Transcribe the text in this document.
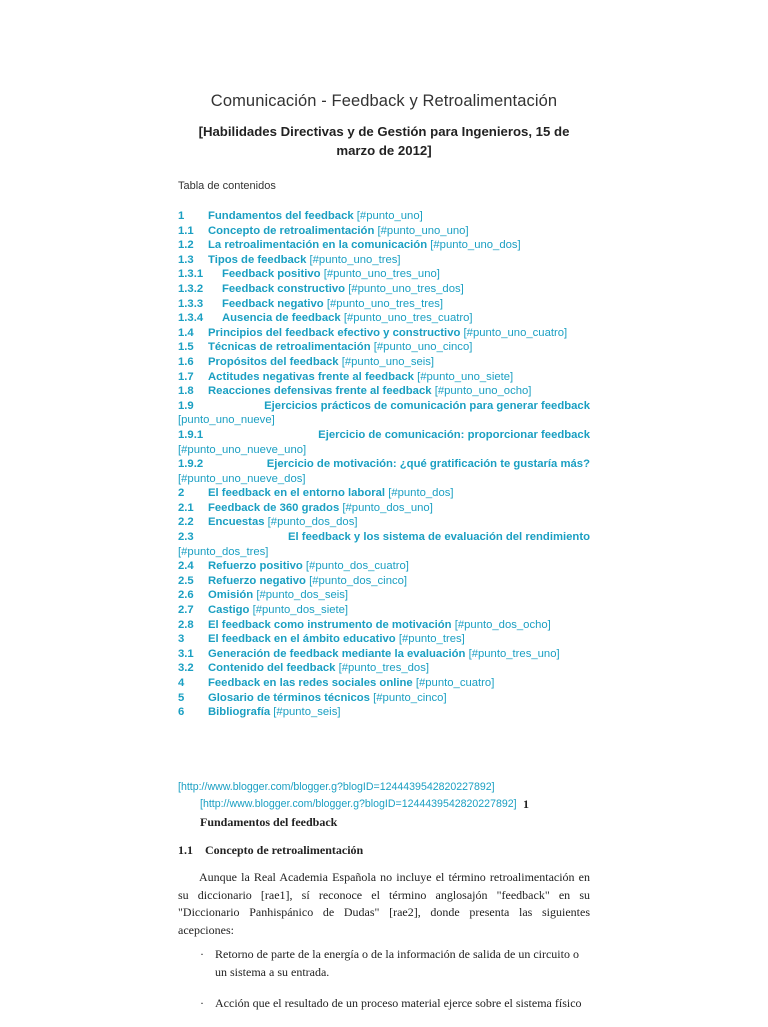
Comunicación - Feedback y Retroalimentación
[Habilidades Directivas y de Gestión para Ingenieros, 15 de marzo de 2012]
Tabla de contenidos
1 Fundamentos del feedback [#punto_uno]
1.1 Concepto de retroalimentación [#punto_uno_uno]
1.2 La retroalimentación en la comunicación [#punto_uno_dos]
1.3 Tipos de feedback [#punto_uno_tres]
1.3.1 Feedback positivo [#punto_uno_tres_uno]
1.3.2 Feedback constructivo [#punto_uno_tres_dos]
1.3.3 Feedback negativo [#punto_uno_tres_tres]
1.3.4 Ausencia de feedback [#punto_uno_tres_cuatro]
1.4 Principios del feedback efectivo y constructivo [#punto_uno_cuatro]
1.5 Técnicas de retroalimentación [#punto_uno_cinco]
1.6 Propósitos del feedback [#punto_uno_seis]
1.7 Actitudes negativas frente al feedback [#punto_uno_siete]
1.8 Reacciones defensivas frente al feedback [#punto_uno_ocho]
1.9	Ejercicios prácticos de comunicación para generar feedback
[punto_uno_nueve]
1.9.1	Ejercicio de comunicación: proporcionar feedback
[#punto_uno_nueve_uno]
1.9.2	Ejercicio de motivación: ¿qué gratificación te gustaría más?
[#punto_uno_nueve_dos]
2 El feedback en el entorno laboral [#punto_dos]
2.1 Feedback de 360 grados [#punto_dos_uno]
2.2 Encuestas [#punto_dos_dos]
2.3	El feedback y los sistema de evaluación del rendimiento
[#punto_dos_tres]
2.4 Refuerzo positivo [#punto_dos_cuatro]
2.5 Refuerzo negativo [#punto_dos_cinco]
2.6 Omisión [#punto_dos_seis]
2.7 Castigo [#punto_dos_siete]
2.8 El feedback como instrumento de motivación [#punto_dos_ocho]
3 El feedback en el ámbito educativo [#punto_tres]
3.1 Generación de feedback mediante la evaluación [#punto_tres_uno]
3.2 Contenido del feedback [#punto_tres_dos]
4 Feedback en las redes sociales online [#punto_cuatro]
5 Glosario de términos técnicos [#punto_cinco]
6 Bibliografía [#punto_seis]
[http://www.blogger.com/blogger.g?blogID=1244439542820227892]
[http://www.blogger.com/blogger.g?blogID=1244439542820227892] 1
Fundamentos del feedback
1.1 Concepto de retroalimentación

Aunque la Real Academia Española no incluye el término retroalimentación en su diccionario [rae1], sí reconoce el término anglosajón "feedback" en su "Diccionario Panhispánico de Dudas" [rae2], donde presenta las siguientes acepciones:

· Retorno de parte de la energía o de la información de salida de un circuito o un sistema a su entrada.
· Acción que el resultado de un proceso material ejerce sobre el sistema físico
